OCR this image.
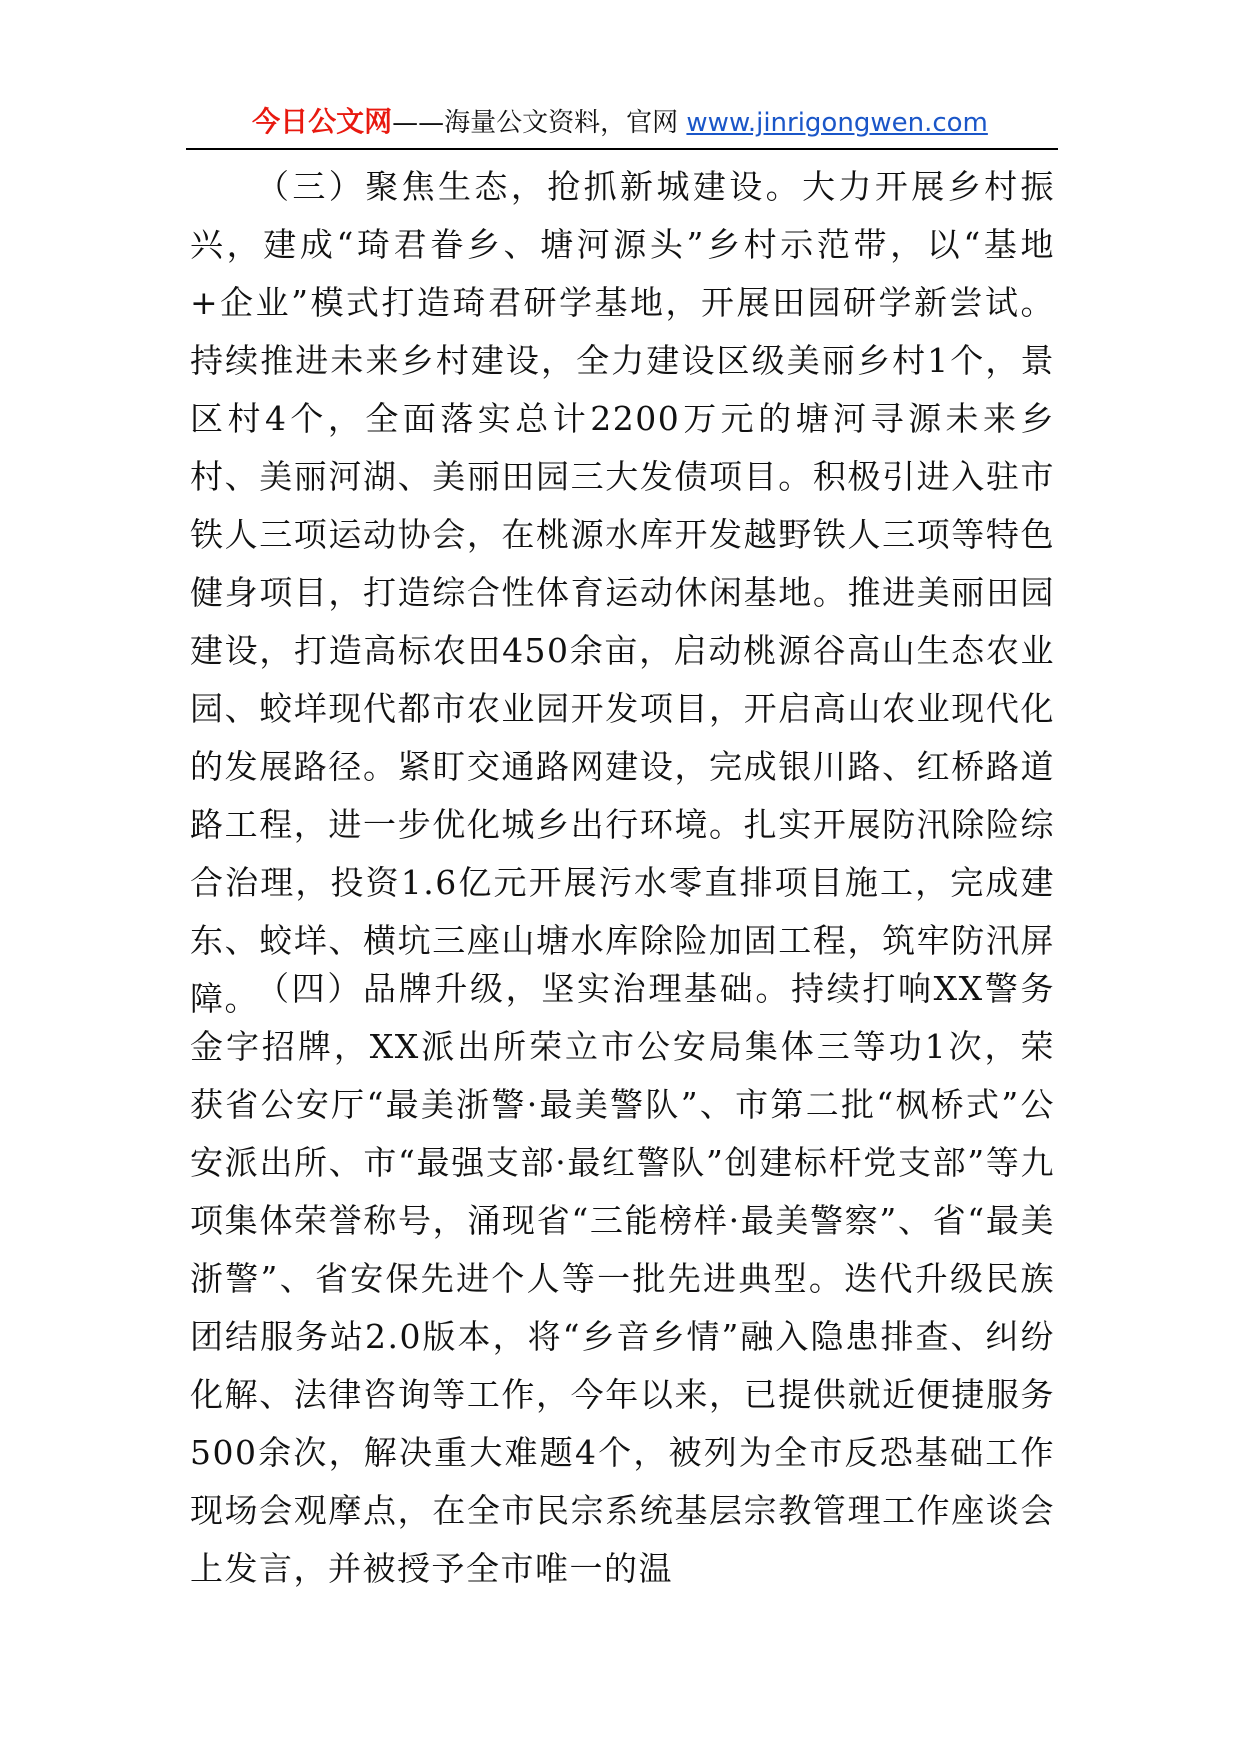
今日公文网——海量公文资料，官网 www.jinrigongwen.com

（三）聚焦生态，抢抓新城建设。大力开展乡村振兴，建成“琦君眷乡、塘河源头”乡村示范带，以“基地+企业”模式打造琦君研学基地，开展田园研学新尝试。持续推进未来乡村建设，全力建设区级美丽乡村1个，景区村4个，全面落实总计2200万元的塘河寻源未来乡村、美丽河湖、美丽田园三大发债项目。积极引进入驻市铁人三项运动协会，在桃源水库开发越野铁人三项等特色健身项目，打造综合性体育运动休闲基地。推进美丽田园建设，打造高标农田450余亩，启动桃源谷高山生态农业园、蛟垟现代都市农业园开发项目，开启高山农业现代化的发展路径。紧盯交通路网建设，完成银川路、红桥路道路工程，进一步优化城乡出行环境。扎实开展防汛除险综合治理，投资1.6亿元开展污水零直排项目施工，完成建东、蛟垟、横坑三座山塘水库除险加固工程，筑牢防汛屏障。

（四）品牌升级，坚实治理基础。持续打响XX警务金字招牌，XX派出所荣立市公安局集体三等功1次，荣获省公安厅“最美浙警·最美警队”、市第二批“枫桥式”公安派出所、市“最强支部·最红警队”创建标杆党支部”等九项集体荣誉称号，涌现省“三能榜样·最美警察”、省“最美浙警”、省安保先进个人等一批先进典型。迭代升级民族团结服务站2.0版本，将“乡音乡情”融入隐患排查、纠纷化解、法律咨询等工作，今年以来，已提供就近便捷服务500余次，解决重大难题4个，被列为全市反恐基础工作现场会观摩点，在全市民宗系统基层宗教管理工作座谈会上发言，并被授予全市唯一的温
